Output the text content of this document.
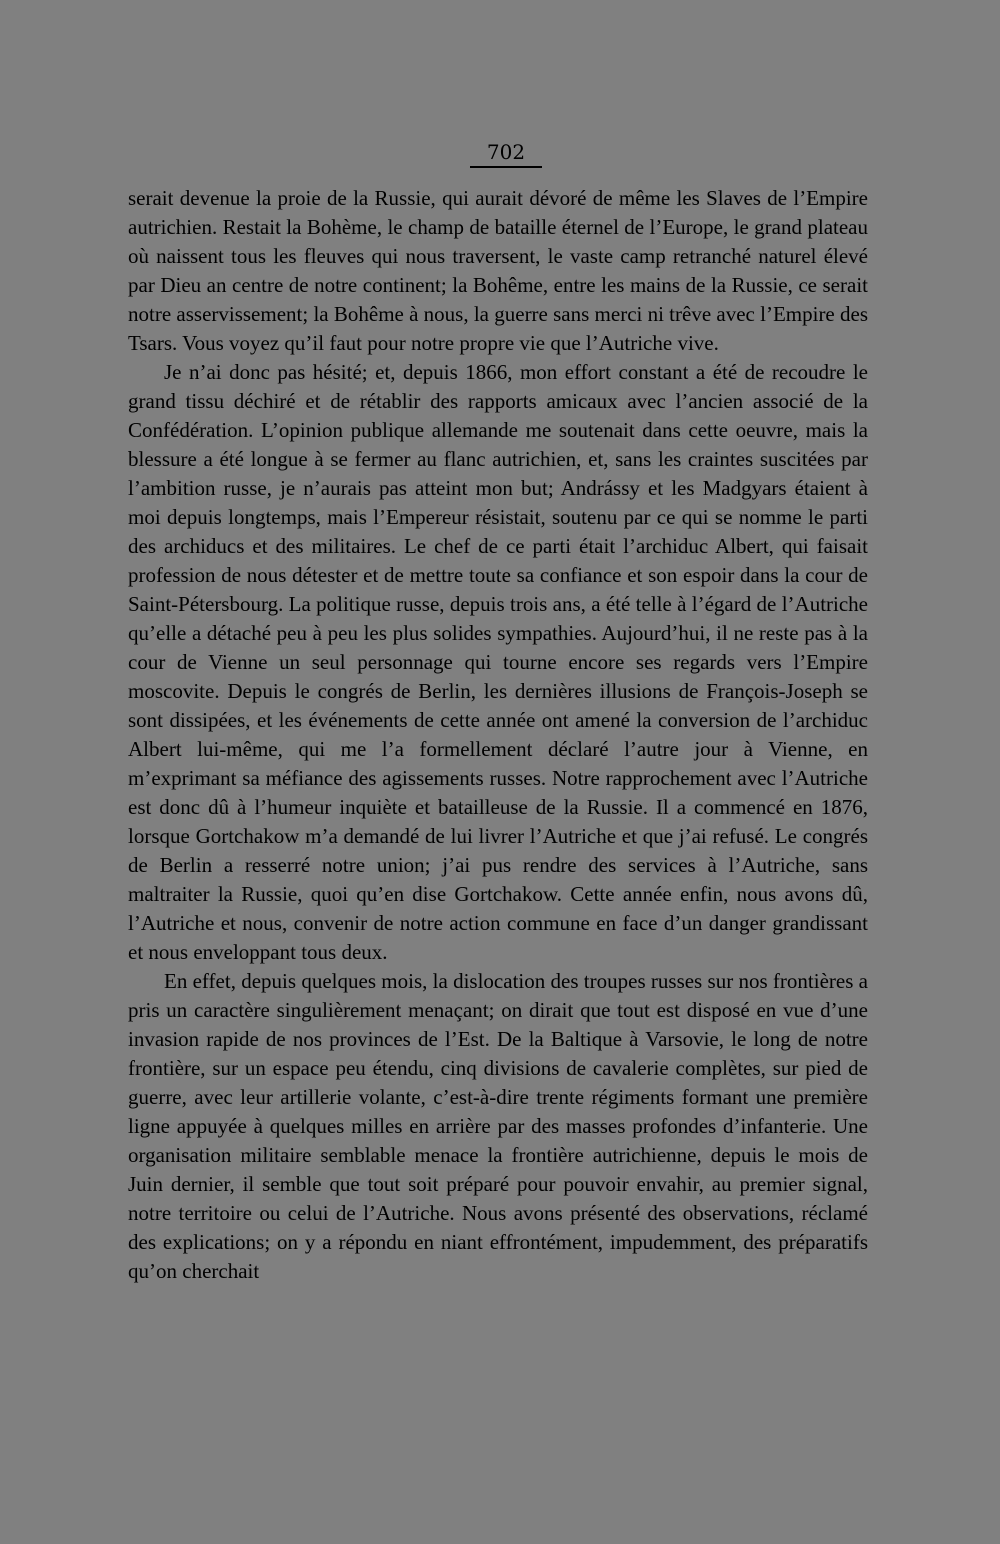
702

serait devenue la proie de la Russie, qui aurait dévoré de même les Slaves de l’Empire autrichien. Restait la Bohème, le champ de bataille éternel de l’Europe, le grand plateau où naissent tous les fleuves qui nous traversent, le vaste camp retranché naturel élevé par Dieu an centre de notre continent; la Bohême, entre les mains de la Russie, ce serait notre asservissement; la Bohême à nous, la guerre sans merci ni trêve avec l’Empire des Tsars. Vous voyez qu’il faut pour notre propre vie que l’Autriche vive.

Je n’ai donc pas hésité; et, depuis 1866, mon effort constant a été de recoudre le grand tissu déchiré et de rétablir des rapports amicaux avec l’ancien associé de la Confédération. L’opinion publique allemande me soutenait dans cette oeuvre, mais la blessure a été longue à se fermer au flanc autrichien, et, sans les craintes suscitées par l’ambition russe, je n’aurais pas atteint mon but; Andrássy et les Madgyars étaient à moi depuis longtemps, mais l’Empereur résistait, soutenu par ce qui se nomme le parti des archiducs et des militaires. Le chef de ce parti était l’archiduc Albert, qui faisait profession de nous détester et de mettre toute sa confiance et son espoir dans la cour de Saint-Pétersbourg. La politique russe, depuis trois ans, a été telle à l’égard de l’Autriche qu’elle a détaché peu à peu les plus solides sympathies. Aujourd’hui, il ne reste pas à la cour de Vienne un seul personnage qui tourne encore ses regards vers l’Empire moscovite. Depuis le congrés de Berlin, les dernières illusions de François-Joseph se sont dissipées, et les événements de cette année ont amené la conversion de l’archiduc Albert lui-même, qui me l’a formellement déclaré l’autre jour à Vienne, en m’exprimant sa méfiance des agissements russes. Notre rapprochement avec l’Autriche est donc dû à l’humeur inquiète et batailleuse de la Russie. Il a commencé en 1876, lorsque Gortchakow m’a demandé de lui livrer l’Autriche et que j’ai refusé. Le congrés de Berlin a resserré notre union; j’ai pus rendre des services à l’Autriche, sans maltraiter la Russie, quoi qu’en dise Gortchakow. Cette année enfin, nous avons dû, l’Autriche et nous, convenir de notre action commune en face d’un danger grandissant et nous enveloppant tous deux.

En effet, depuis quelques mois, la dislocation des troupes russes sur nos frontières a pris un caractère singulièrement menaçant; on dirait que tout est disposé en vue d’une invasion rapide de nos provinces de l’Est. De la Baltique à Varsovie, le long de notre frontière, sur un espace peu étendu, cinq divisions de cavalerie complètes, sur pied de guerre, avec leur artillerie volante, c’est-à-dire trente régiments formant une première ligne appuyée à quelques milles en arrière par des masses profondes d’infanterie. Une organisation militaire semblable menace la frontière autrichienne, depuis le mois de Juin dernier, il semble que tout soit préparé pour pouvoir envahir, au premier signal, notre territoire ou celui de l’Autriche. Nous avons présenté des observations, réclamé des explications; on y a répondu en niant effrontément, impudemment, des préparatifs qu’on cherchait
